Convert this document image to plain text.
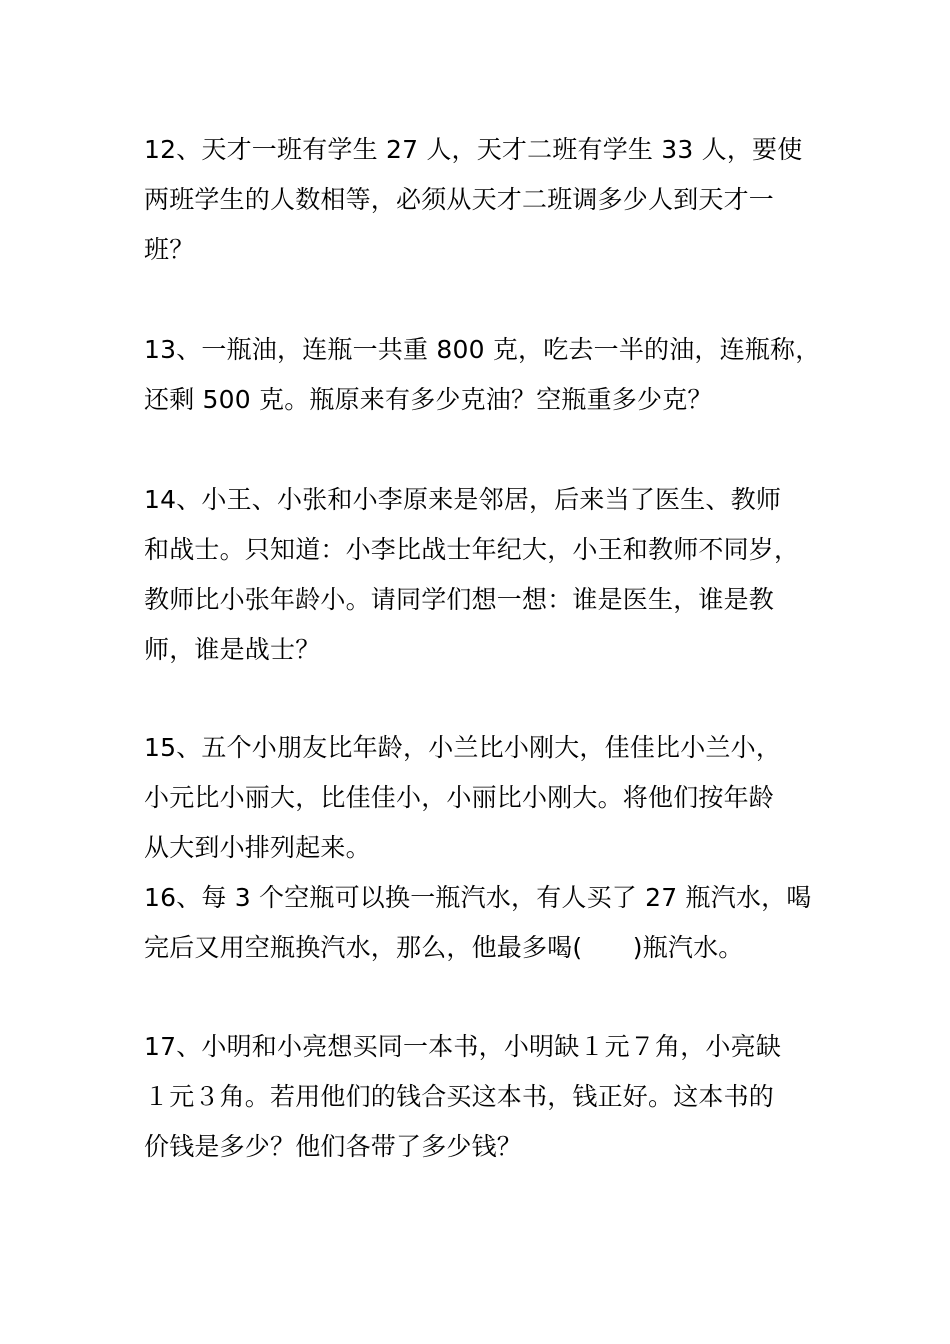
12、天才一班有学生 27 人，天才二班有学生 33 人，要使
两班学生的人数相等，必须从天才二班调多少人到天才一
班？
13、一瓶油，连瓶一共重 800 克，吃去一半的油，连瓶称，
还剩 500 克。瓶原来有多少克油？空瓶重多少克？
14、小王、小张和小李原来是邻居，后来当了医生、教师
和战士。只知道：小李比战士年纪大，小王和教师不同岁，
教师比小张年龄小。请同学们想一想：谁是医生，谁是教
师，谁是战士？
15、五个小朋友比年龄，小兰比小刚大，佳佳比小兰小，
小元比小丽大，比佳佳小，小丽比小刚大。将他们按年龄
从大到小排列起来。
16、每 3 个空瓶可以换一瓶汽水，有人买了 27 瓶汽水，喝
完后又用空瓶换汽水，那么，他最多喝(　　)瓶汽水。
17、小明和小亮想买同一本书，小明缺１元７角，小亮缺
１元３角。若用他们的钱合买这本书，钱正好。这本书的
价钱是多少？他们各带了多少钱？
